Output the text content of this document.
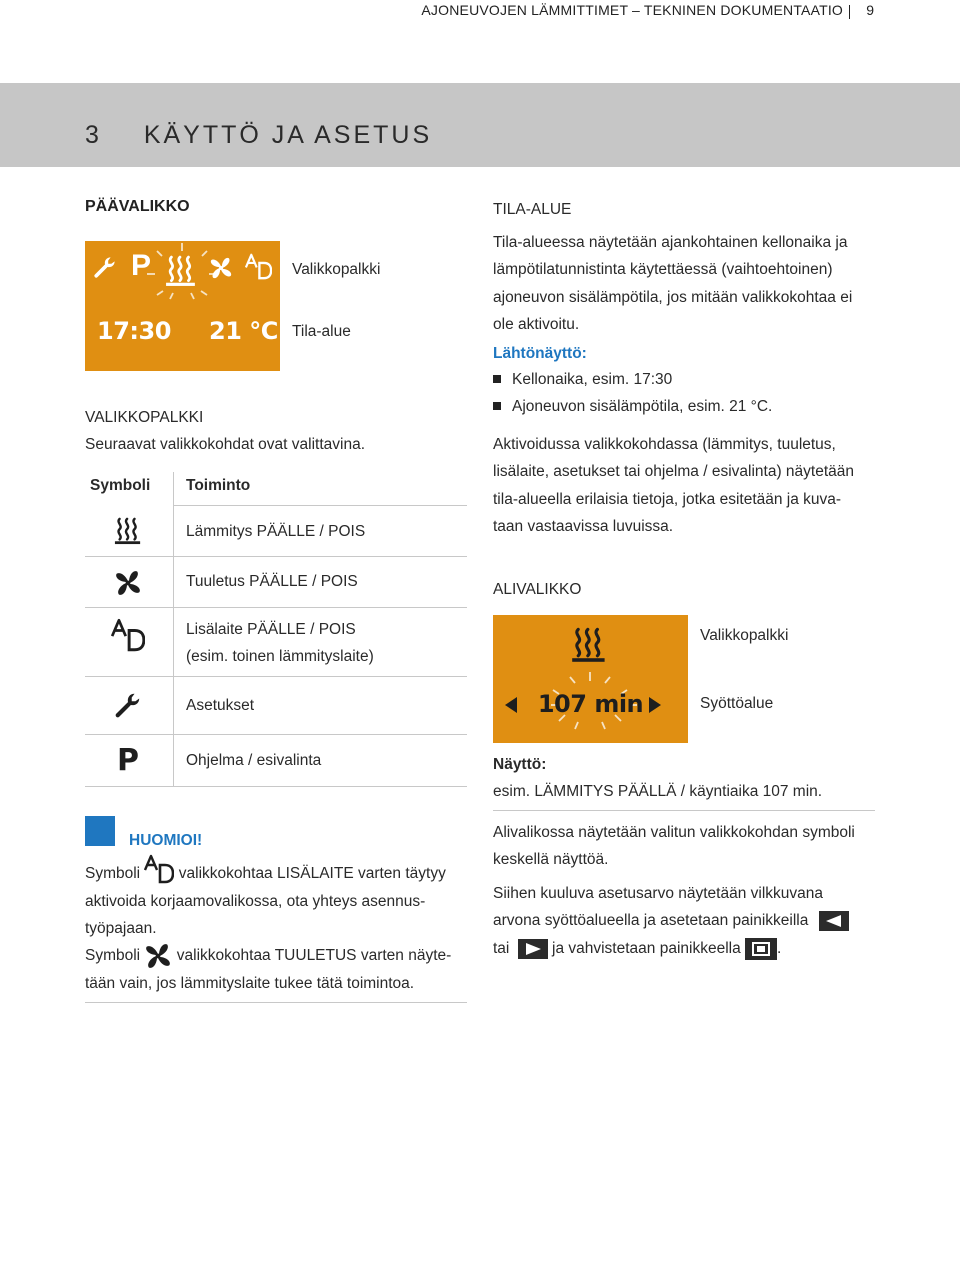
AJONEUVOJEN LÄMMITTIMET – TEKNINEN DOKUMENTAATIO 9
3 KÄYTTÖ JA ASETUS
PÄÄVALIKKO
P
17:30 21 °C
Valikkopalkki
Tila-alue
VALIKKOPALKKI
Seuraavat valikkokohdat ovat valittavina.
Symboli Toiminto
Lämmitys PÄÄLLE / POIS
Tuuletus PÄÄLLE / POIS
Lisälaite PÄÄLLE / POIS
(esim. toinen lämmityslaite)
Asetukset
P	Ohjelma / esivalinta
HUOMIOI!
Symboli valikkokohtaa LISÄLAITE varten täytyy
aktivoida korjaamovalikossa, ota yhteys asennus-
työpajaan.
Symboli valikkokohtaa TUULETUS varten näyte-
tään vain, jos lämmityslaite tukee tätä toimintoa.
TILA-ALUE
Tila-alueessa näytetään ajankohtainen kellonaika ja
lämpötilatunnistinta käytettäessä (vaihtoehtoinen)
ajoneuvon sisälämpötila, jos mitään valikkokohtaa ei
ole aktivoitu.
Lähtönäyttö:
Kellonaika, esim. 17:30
Ajoneuvon sisälämpötila, esim. 21 °C.
Aktivoidussa valikkokohdassa (lämmitys, tuuletus,
lisälaite, asetukset tai ohjelma / esivalinta) näytetään
tila-alueella erilaisia tietoja, jotka esitetään ja kuva-
taan vastaavissa luvuissa.
ALIVALIKKO
107 min
Valikkopalkki
Syöttöalue
Näyttö:
esim. LÄMMITYS PÄÄLLÄ / käyntiaika 107 min.
Alivalikossa näytetään valitun valikkokohdan symboli
keskellä näyttöä.
Siihen kuuluva asetusarvo näytetään vilkkuvana
arvona syöttöalueella ja asetetaan painikkeilla
tai	ja vahvistetaan painikkeella .
